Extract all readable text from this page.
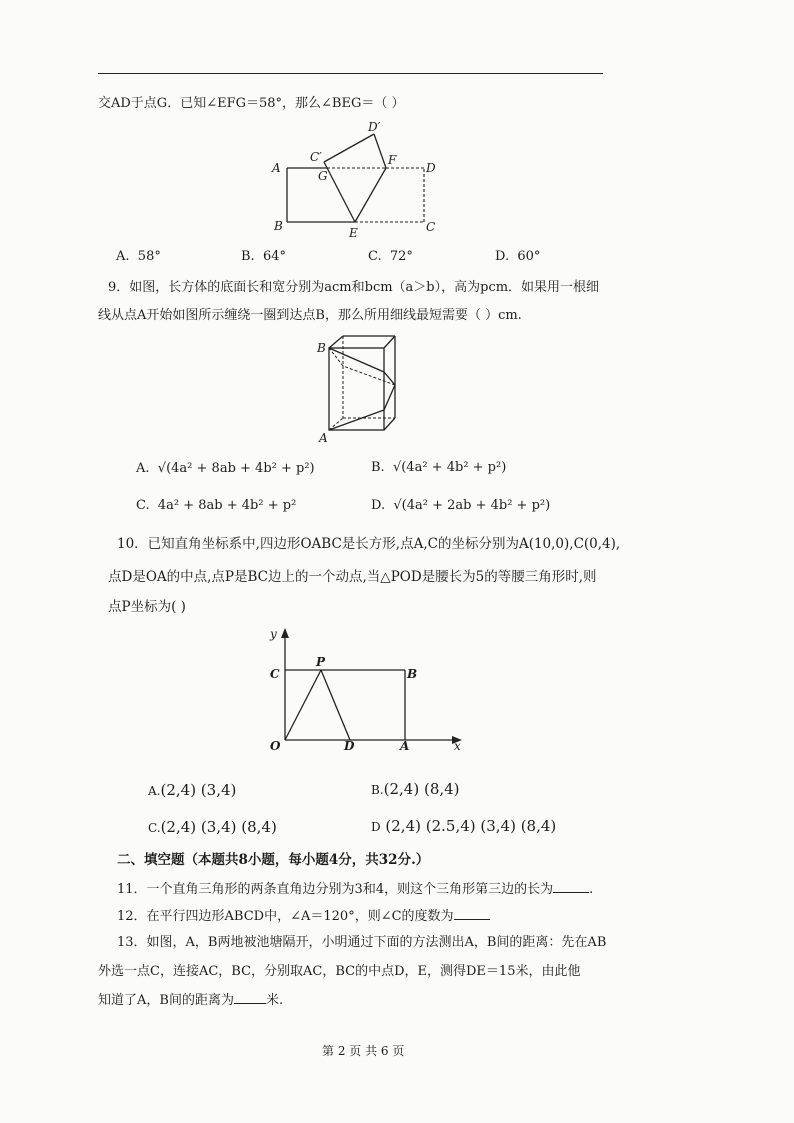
交AD于点G．已知∠EFG＝58°，那么∠BEG＝（ ）
A
B	C
C′
D
D′
E
F
G
A. 58°	B. 64°	C. 72°	D. 60°
9．如图，长方体的底面长和宽分别为acm和bcm（a＞b），高为pcm．如果用一根细
线从点A开始如图所示缠绕一圈到达点B，那么所用细线最短需要（ ）cm.
B
A
A. √(4a² + 8ab + 4b² + p²)	B. √(4a² + 4b² + p²)
C. 4a² + 8ab + 4b² + p²	D. √(4a² + 2ab + 4b² + p²)
10．已知直角坐标系中,四边形OABC是长方形,点A,C的坐标分别为A(10,0),C(0,4),
点D是OA的中点,点P是BC边上的一个动点,当△POD是腰长为5的等腰三角形时,则
点P坐标为( )
y
x
C
P
B
O	D	A
A.(2,4) (3,4)	B.(2,4) (8,4)
C.(2,4) (3,4) (8,4)	D (2,4) (2.5,4) (3,4) (8,4)
二、填空题（本题共8小题，每小题4分，共32分.）
11．一个直角三角形的两条直角边分别为3和4，则这个三角形第三边的长为	.
12．在平行四边形ABCD中，∠A＝120°，则∠C的度数为
13．如图，A，B两地被池塘隔开，小明通过下面的方法测出A，B间的距离：先在AB
外选一点C，连接AC，BC，分别取AC，BC的中点D，E，测得DE＝15米，由此他
知道了A，B间的距离为 米.
第 2 页 共 6 页
